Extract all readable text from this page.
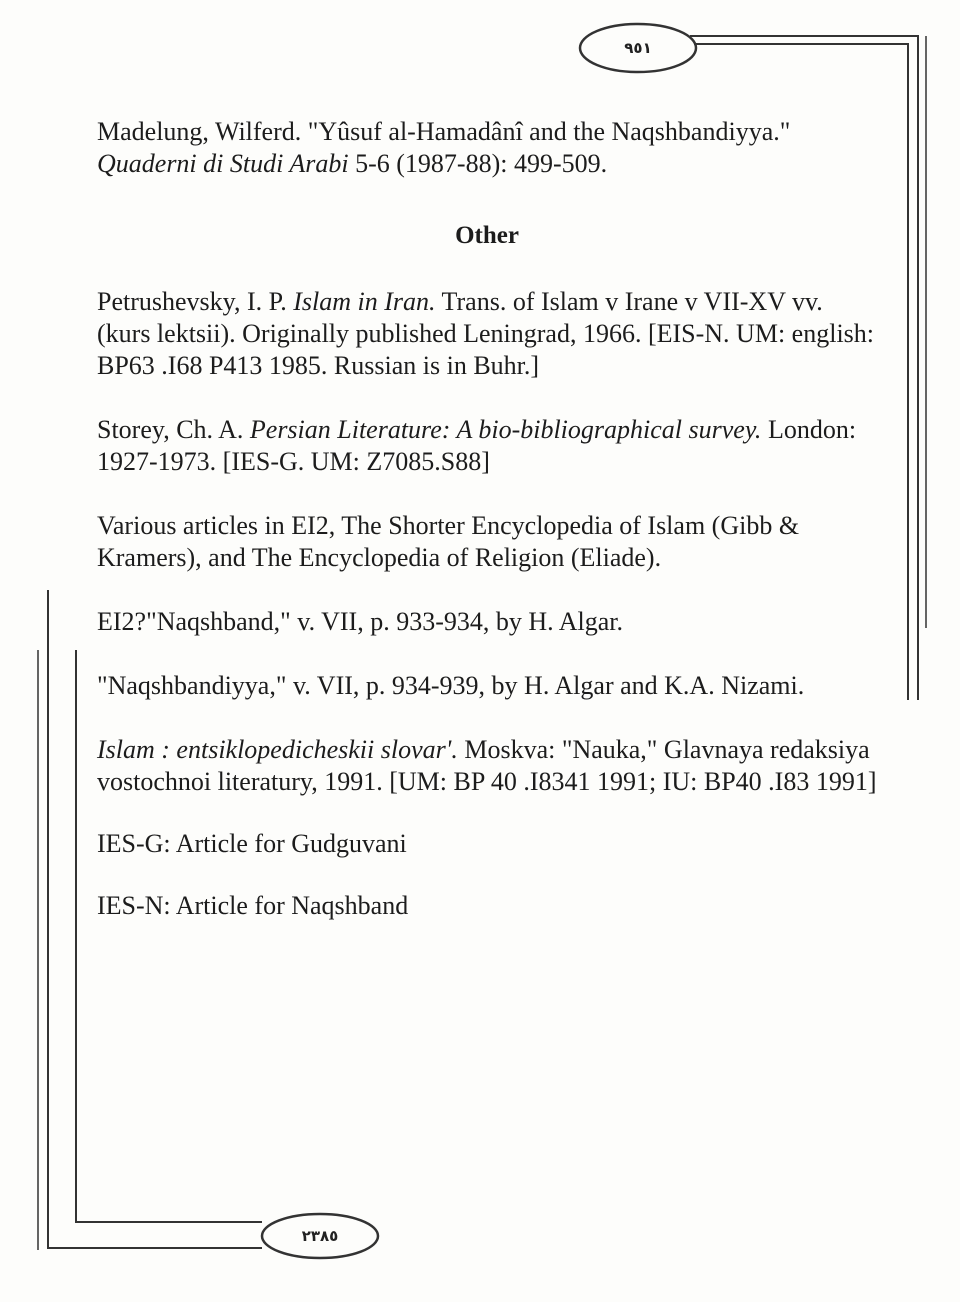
٩٥١
٢٣٨٥

Madelung, Wilferd. "Yûsuf al-Hamadânî and the Naqshbandiyya." Quaderni di Studi Arabi 5-6 (1987-88): 499-509.

Other

Petrushevsky, I. P. Islam in Iran. Trans. of Islam v Irane v VII-XV vv. (kurs lektsii). Originally published Leningrad, 1966. [EIS-N. UM: english: BP63 .I68 P413 1985. Russian is in Buhr.]

Storey, Ch. A. Persian Literature: A bio-bibliographical survey. London: 1927-1973. [IES-G. UM: Z7085.S88]

Various articles in EI2, The Shorter Encyclopedia of Islam (Gibb & Kramers), and The Encyclopedia of Religion (Eliade).

EI2?"Naqshband," v. VII, p. 933-934, by H. Algar.

"Naqshbandiyya," v. VII, p. 934-939, by H. Algar and K.A. Nizami.

Islam : entsiklopedicheskii slovar'. Moskva: "Nauka," Glavnaya redaksiya vostochnoi literatury, 1991. [UM: BP 40 .I8341 1991; IU: BP40 .I83 1991]

IES-G: Article for Gudguvani

IES-N: Article for Naqshband
